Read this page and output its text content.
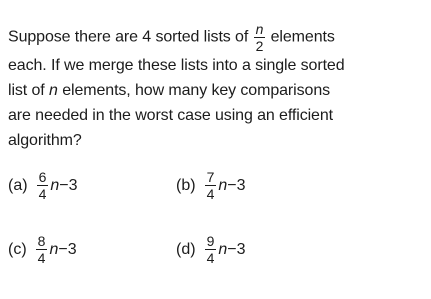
Suppose there are 4 sorted lists of $\frac{n}{2}$ elements
each. If we merge these lists into a single sorted
list of n elements, how many key comparisons
are needed in the worst case using an efficient
algorithm?
$(a) \frac{6}{4}$ n −3	$(b) \frac{7}{4}$ n −3
$(c) \frac{8}{4}$ n −3	$(d) \frac{9}{4}$ n −3
